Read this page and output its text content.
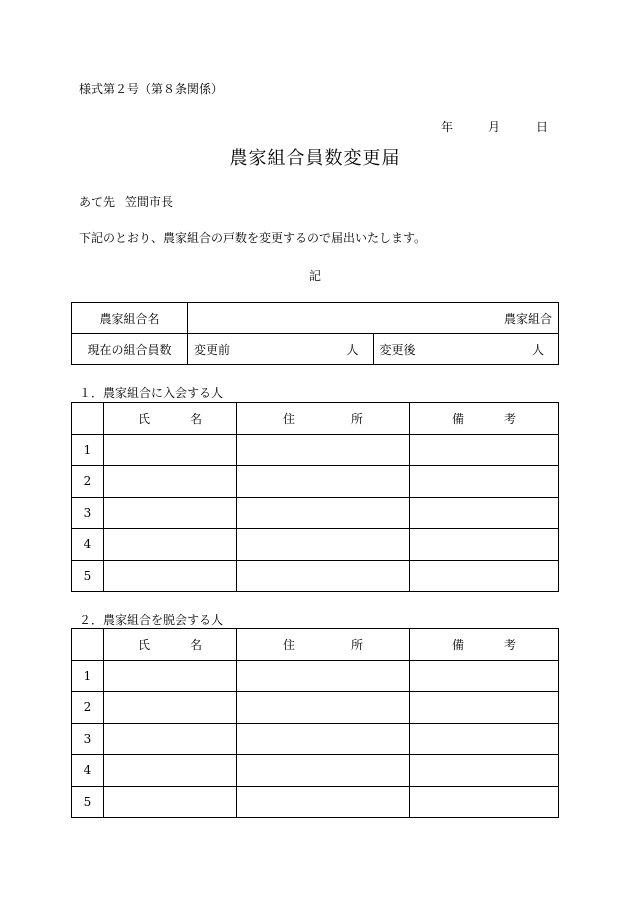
様式第２号（第８条関係）
年	月	日
農家組合員数変更届
あて先 笠間市長
下記のとおり、農家組合の戸数を変更するので届出いたします。
記
農家組合名	農家組合	
現在の組合員数	変更前 人	変更後 人
１．農家組合に入会する人

	氏 名	住 所	備 考

1			
2			
3			
4			
5			
２．農家組合を脱会する人

	氏 名	住 所	備 考

1			
2			
3			
4			
5			
